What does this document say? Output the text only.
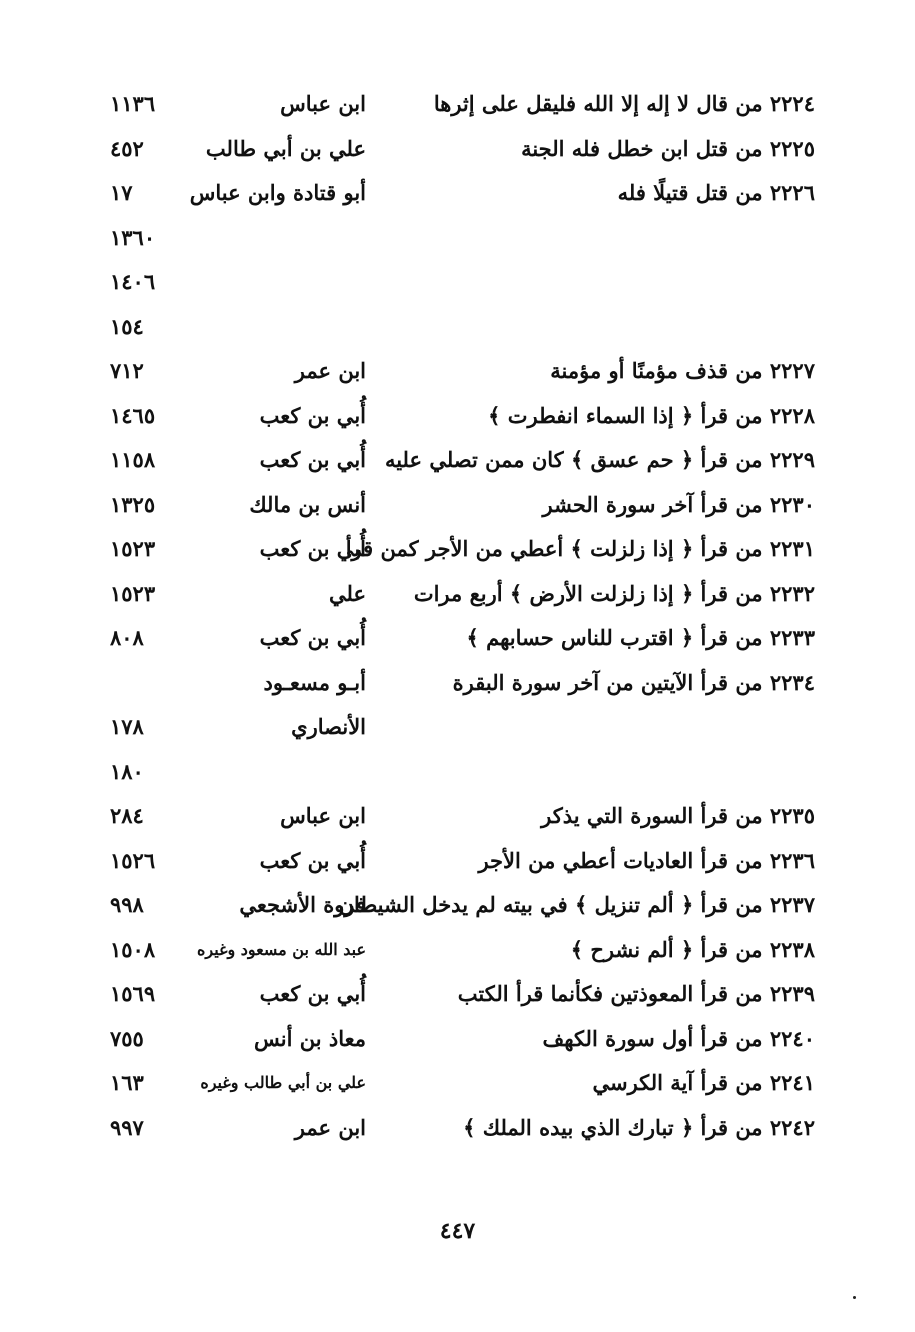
٢٢٢٤ من قال لا إله إلا الله فليقل على إثرها
ابن عباس
١١٣٦
٢٢٢٥ من قتل ابن خطل فله الجنة
علي بن أبي طالب
٤٥٢
٢٢٢٦ من قتل قتيلًا فله
أبو قتادة وابن عباس
١٧
١٣٦٠
١٤٠٦
١٥٤
٢٢٢٧ من قذف مؤمنًا أو مؤمنة
ابن عمر
٧١٢
٢٢٢٨ من قرأ ﴿ إذا السماء انفطرت ﴾
أُبي بن كعب
١٤٦٥
٢٢٢٩ من قرأ ﴿ حم عسق ﴾ كان ممن تصلي عليه
أُبي بن كعب
١١٥٨
٢٢٣٠ من قرأ آخر سورة الحشر
أنس بن مالك
١٣٢٥
٢٢٣١ من قرأ ﴿ إذا زلزلت ﴾ أعطي من الأجر كمن قرأ
أُبي بن كعب
١٥٢٣
٢٢٣٢ من قرأ ﴿ إذا زلزلت الأرض ﴾ أربع مرات
علي
١٥٢٣
٢٢٣٣ من قرأ ﴿ اقترب للناس حسابهم ﴾
أُبي بن كعب
٨٠٨
٢٢٣٤ من قرأ الآيتين من آخر سورة البقرة
أبـو مسعـود
الأنصاري
١٧٨
١٨٠
٢٢٣٥ من قرأ السورة التي يذكر
ابن عباس
٢٨٤
٢٢٣٦ من قرأ العاديات أعطي من الأجر
أُبي بن كعب
١٥٢٦
٢٢٣٧ من قرأ ﴿ ألم تنزيل ﴾ في بيته لم يدخل الشيطان
فروة الأشجعي
٩٩٨
٢٢٣٨ من قرأ ﴿ ألم نشرح ﴾
عبد الله بن مسعود وغيره
١٥٠٨
٢٢٣٩ من قرأ المعوذتين فكأنما قرأ الكتب
أُبي بن كعب
١٥٦٩
٢٢٤٠ من قرأ أول سورة الكهف
معاذ بن أنس
٧٥٥
٢٢٤١ من قرأ آية الكرسي
علي بن أبي طالب وغيره
١٦٣
٢٢٤٢ من قرأ ﴿ تبارك الذي بيده الملك ﴾
ابن عمر
٩٩٧
٤٤٧
